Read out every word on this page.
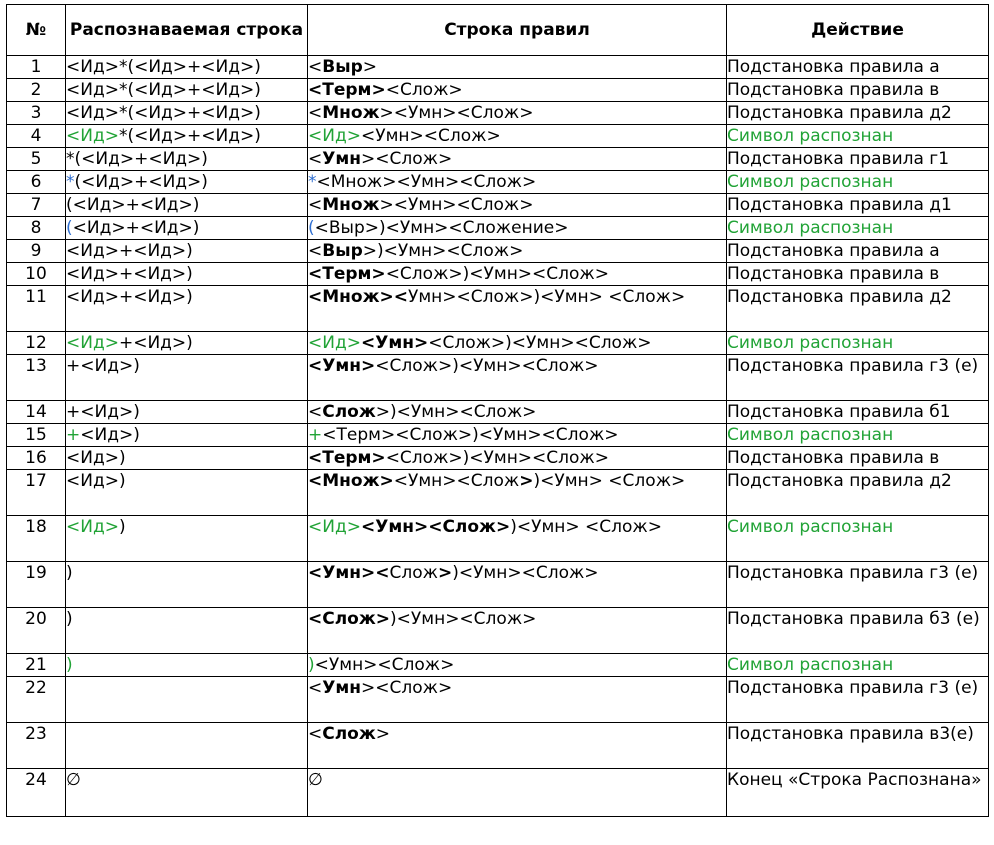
№	Распознаваемая строка	Строка правил	Действие
1	<Ид>*(<Ид>+<Ид>)	<Выр>	Подстановка правила а
2	<Ид>*(<Ид>+<Ид>)	<Терм><Слож>	Подстановка правила в
3	<Ид>*(<Ид>+<Ид>)	<Множ><Умн><Слож>	Подстановка правила д2
4	<Ид>*(<Ид>+<Ид>)	<Ид><Умн><Слож>	Символ распознан
5	*(<Ид>+<Ид>)	<Умн><Слож>	Подстановка правила г1
6	*(<Ид>+<Ид>)	*<Множ><Умн><Слож>	Символ распознан
7	(<Ид>+<Ид>)	<Множ><Умн><Слож>	Подстановка правила д1
8	(<Ид>+<Ид>)	(<Выр>)<Умн><Сложение>	Символ распознан
9	<Ид>+<Ид>)	<Выр>)<Умн><Слож>	Подстановка правила а
10	<Ид>+<Ид>)	<Терм><Слож>)<Умн><Слож>	Подстановка правила в
11	<Ид>+<Ид>)	<Множ><Умн><Слож>)<Умн> <Слож>	Подстановка правила д2
12	<Ид>+<Ид>)	<Ид><Умн><Слож>)<Умн><Слож>	Символ распознан
13	+<Ид>)	<Умн><Слож>)<Умн><Слож>	Подстановка правила г3 (e)
14	+<Ид>)	<Слож>)<Умн><Слож>	Подстановка правила б1
15	+<Ид>)	+<Терм><Слож>)<Умн><Слож>	Символ распознан
16	<Ид>)	<Терм><Слож>)<Умн><Слож>	Подстановка правила в
17	<Ид>)	<Множ><Умн><Слож>)<Умн> <Слож>	Подстановка правила д2
18	<Ид>)	<Ид><Умн><Слож>)<Умн> <Слож>	Символ распознан
19	)	<Умн><Слож>)<Умн><Слож>	Подстановка правила г3 (e)
20	)	<Слож>)<Умн><Слож>	Подстановка правила б3 (e)
21	)	)<Умн><Слож>	Символ распознан
22		<Умн><Слож>	Подстановка правила г3 (e)
23		<Слож>	Подстановка правила в3(e)
24	∅	∅	Конец «Строка Распознана»
